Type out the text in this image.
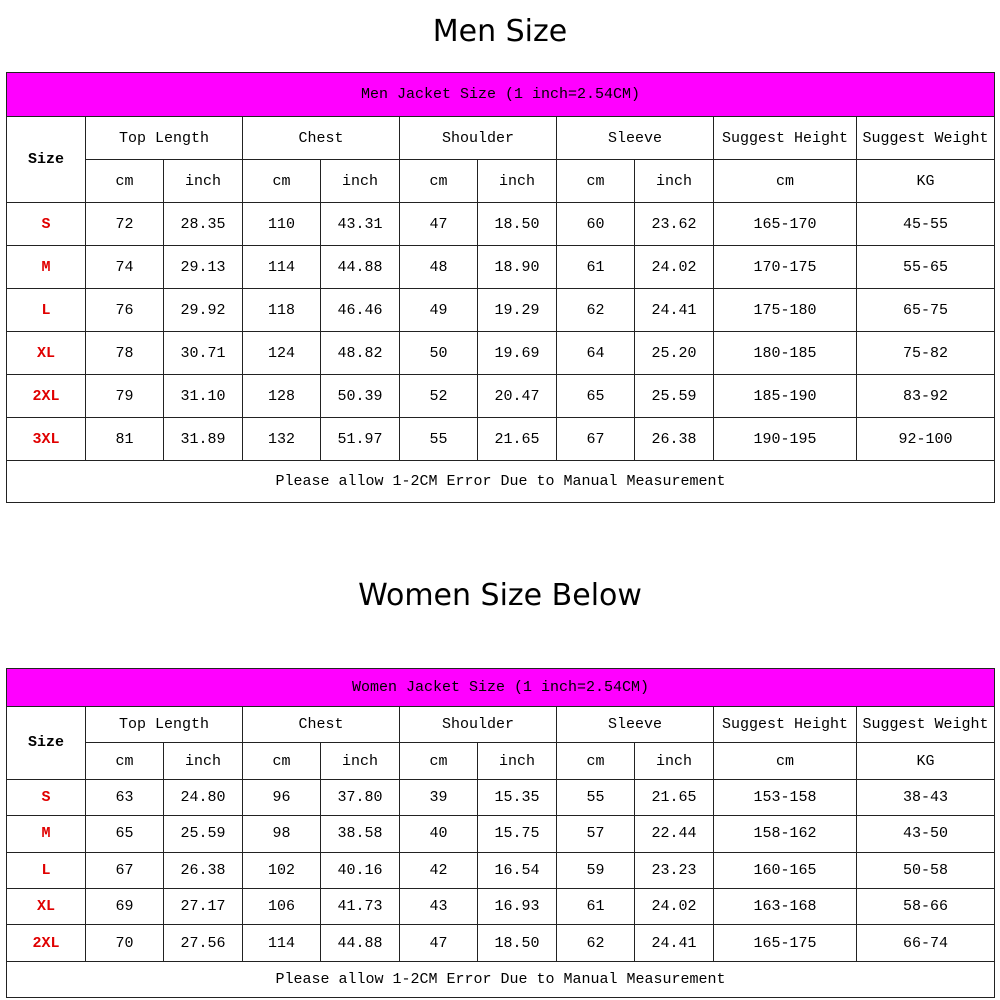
Men Size
Men Jacket Size (1 inch=2.54CM)										
Size	Top Length		Chest		Shoulder		Sleeve		Suggest Height	Suggest Weight
	cm	inch	cm	inch	cm	inch	cm	inch	cm	KG
S	72	28.35	110	43.31	47	18.50	60	23.62	165-170	45-55
M	74	29.13	114	44.88	48	18.90	61	24.02	170-175	55-65
L	76	29.92	118	46.46	49	19.29	62	24.41	175-180	65-75
XL	78	30.71	124	48.82	50	19.69	64	25.20	180-185	75-82
2XL	79	31.10	128	50.39	52	20.47	65	25.59	185-190	83-92
3XL	81	31.89	132	51.97	55	21.65	67	26.38	190-195	92-100
Please allow 1-2CM Error Due to Manual Measurement										
Women Size Below
Women Jacket Size (1 inch=2.54CM)										
Size	Top Length		Chest		Shoulder		Sleeve		Suggest Height	Suggest Weight
	cm	inch	cm	inch	cm	inch	cm	inch	cm	KG
S	63	24.80	96	37.80	39	15.35	55	21.65	153-158	38-43
M	65	25.59	98	38.58	40	15.75	57	22.44	158-162	43-50
L	67	26.38	102	40.16	42	16.54	59	23.23	160-165	50-58
XL	69	27.17	106	41.73	43	16.93	61	24.02	163-168	58-66
2XL	70	27.56	114	44.88	47	18.50	62	24.41	165-175	66-74
Please allow 1-2CM Error Due to Manual Measurement										
